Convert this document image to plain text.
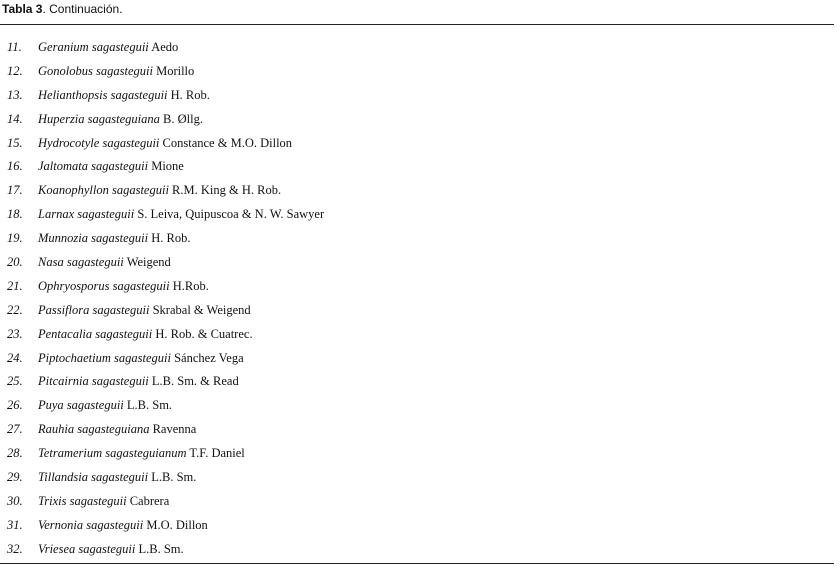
Tabla 3. Continuación.
11. Geranium sagasteguii Aedo
12. Gonolobus sagasteguii Morillo
13. Helianthopsis sagasteguii H. Rob.
14. Huperzia sagasteguiana B. Øllg.
15. Hydrocotyle sagasteguii Constance & M.O. Dillon
16. Jaltomata sagasteguii Mione
17. Koanophyllon sagasteguii R.M. King & H. Rob.
18. Larnax sagasteguii S. Leiva, Quipuscoa & N. W. Sawyer
19. Munnozia sagasteguii H. Rob.
20. Nasa sagasteguii Weigend
21. Ophryosporus sagasteguii H.Rob.
22. Passiflora sagasteguii Skrabal & Weigend
23. Pentacalia sagasteguii H. Rob. & Cuatrec.
24. Piptochaetium sagasteguii Sánchez Vega
25. Pitcairnia sagasteguii L.B. Sm. & Read
26. Puya sagasteguii L.B. Sm.
27. Rauhia sagasteguiana Ravenna
28. Tetramerium sagasteguianum T.F. Daniel
29. Tillandsia sagasteguii L.B. Sm.
30. Trixis sagasteguii Cabrera
31. Vernonia sagasteguii M.O. Dillon
32. Vriesea sagasteguii L.B. Sm.
